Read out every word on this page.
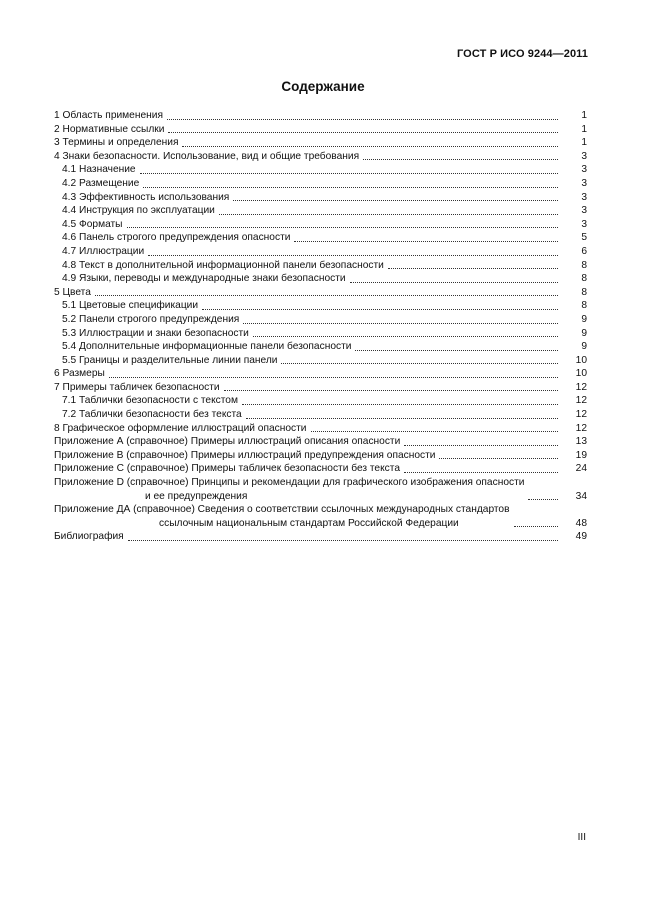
ГОСТ Р ИСО 9244—2011
Содержание
1 Область применения	1
2 Нормативные ссылки	1
3 Термины и определения	1
4 Знаки безопасности. Использование, вид и общие требования	3
4.1 Назначение	3
4.2 Размещение	3
4.3 Эффективность использования	3
4.4 Инструкция по эксплуатации	3
4.5 Форматы	3
4.6 Панель строгого предупреждения опасности	5
4.7 Иллюстрации	6
4.8 Текст в дополнительной информационной панели безопасности	8
4.9 Языки, переводы и международные знаки безопасности	8
5 Цвета	8
5.1 Цветовые спецификации	8
5.2 Панели строгого предупреждения	9
5.3 Иллюстрации и знаки безопасности	9
5.4 Дополнительные информационные панели безопасности	9
5.5 Границы и разделительные линии панели	10
6 Размеры	10
7 Примеры табличек безопасности	12
7.1 Таблички безопасности с текстом	12
7.2 Таблички безопасности без текста	12
8 Графическое оформление иллюстраций опасности	12
Приложение А (справочное) Примеры иллюстраций описания опасности	13
Приложение В (справочное) Примеры иллюстраций предупреждения опасности	19
Приложение С (справочное) Примеры табличек безопасности без текста	24
Приложение D (справочное) Принципы и рекомендации для графического изображения опасности
и ее предупреждения	34
Приложение ДА (справочное) Сведения о соответствии ссылочных международных стандартов
ссылочным национальным стандартам Российской Федерации	48
Библиография	49
III
